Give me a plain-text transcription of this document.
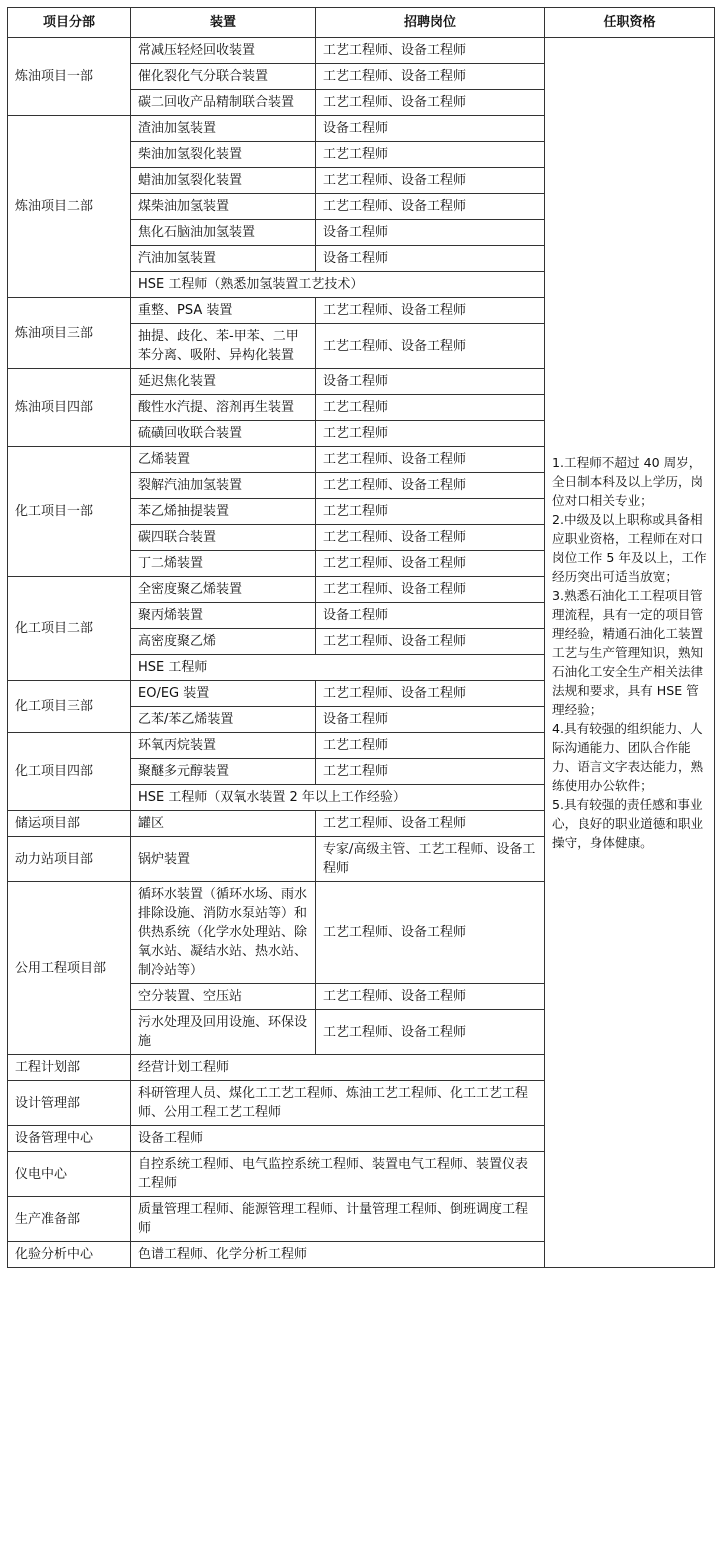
项目分部	装置	招聘岗位	任职资格
炼油项目一部	常减压轻烃回收装置	工艺工程师、设备工程师	1.工程师不超过 40 周岁，全日制本科及以上学历，岗位对口相关专业；
2.中级及以上职称或具备相应职业资格，工程师在对口岗位工作 5 年及以上，工作经历突出可适当放宽；
3.熟悉石油化工工程项目管理流程，具有一定的项目管理经验，精通石油化工装置工艺与生产管理知识，熟知石油化工安全生产相关法律法规和要求，具有 HSE 管理经验；
4.具有较强的组织能力、人际沟通能力、团队合作能力、语言文字表达能力，熟练使用办公软件；
5.具有较强的责任感和事业心，良好的职业道德和职业操守，身体健康。

	催化裂化气分联合装置	工艺工程师、设备工程师	
	碳二回收产品精制联合装置	工艺工程师、设备工程师	
炼油项目二部	渣油加氢装置	设备工程师	
	柴油加氢裂化装置	工艺工程师	
	蜡油加氢裂化装置	工艺工程师、设备工程师	
	煤柴油加氢装置	工艺工程师、设备工程师	
	焦化石脑油加氢装置	设备工程师	
	汽油加氢装置	设备工程师	
	HSE 工程师（熟悉加氢装置工艺技术）		
炼油项目三部	重整、PSA 装置	工艺工程师、设备工程师	
	抽提、歧化、苯-甲苯、二甲苯分离、吸附、异构化装置	工艺工程师、设备工程师	
炼油项目四部	延迟焦化装置	设备工程师	
	酸性水汽提、溶剂再生装置	工艺工程师	
	硫磺回收联合装置	工艺工程师	
化工项目一部	乙烯装置	工艺工程师、设备工程师	
	裂解汽油加氢装置	工艺工程师、设备工程师	
	苯乙烯抽提装置	工艺工程师	
	碳四联合装置	工艺工程师、设备工程师	
	丁二烯装置	工艺工程师、设备工程师	
化工项目二部	全密度聚乙烯装置	工艺工程师、设备工程师	
	聚丙烯装置	设备工程师	
	高密度聚乙烯	工艺工程师、设备工程师	
	HSE 工程师		
化工项目三部	EO/EG 装置	工艺工程师、设备工程师	
	乙苯/苯乙烯装置	设备工程师	
化工项目四部	环氧丙烷装置	工艺工程师	
	聚醚多元醇装置	工艺工程师	
	HSE 工程师（双氧水装置 2 年以上工作经验）		
储运项目部	罐区	工艺工程师、设备工程师	
动力站项目部	锅炉装置	专家/高级主管、工艺工程师、设备工程师	
公用工程项目部	循环水装置（循环水场、雨水排除设施、消防水泵站等）和供热系统（化学水处理站、除氧水站、凝结水站、热水站、制冷站等）	工艺工程师、设备工程师	
	空分装置、空压站	工艺工程师、设备工程师	
	污水处理及回用设施、环保设施	工艺工程师、设备工程师	
工程计划部	经营计划工程师		
设计管理部	科研管理人员、煤化工工艺工程师、炼油工艺工程师、化工工艺工程师、公用工程工艺工程师		
设备管理中心	设备工程师		
仪电中心	自控系统工程师、电气监控系统工程师、装置电气工程师、装置仪表工程师		
生产准备部	质量管理工程师、能源管理工程师、计量管理工程师、倒班调度工程师		
化验分析中心	色谱工程师、化学分析工程师		
